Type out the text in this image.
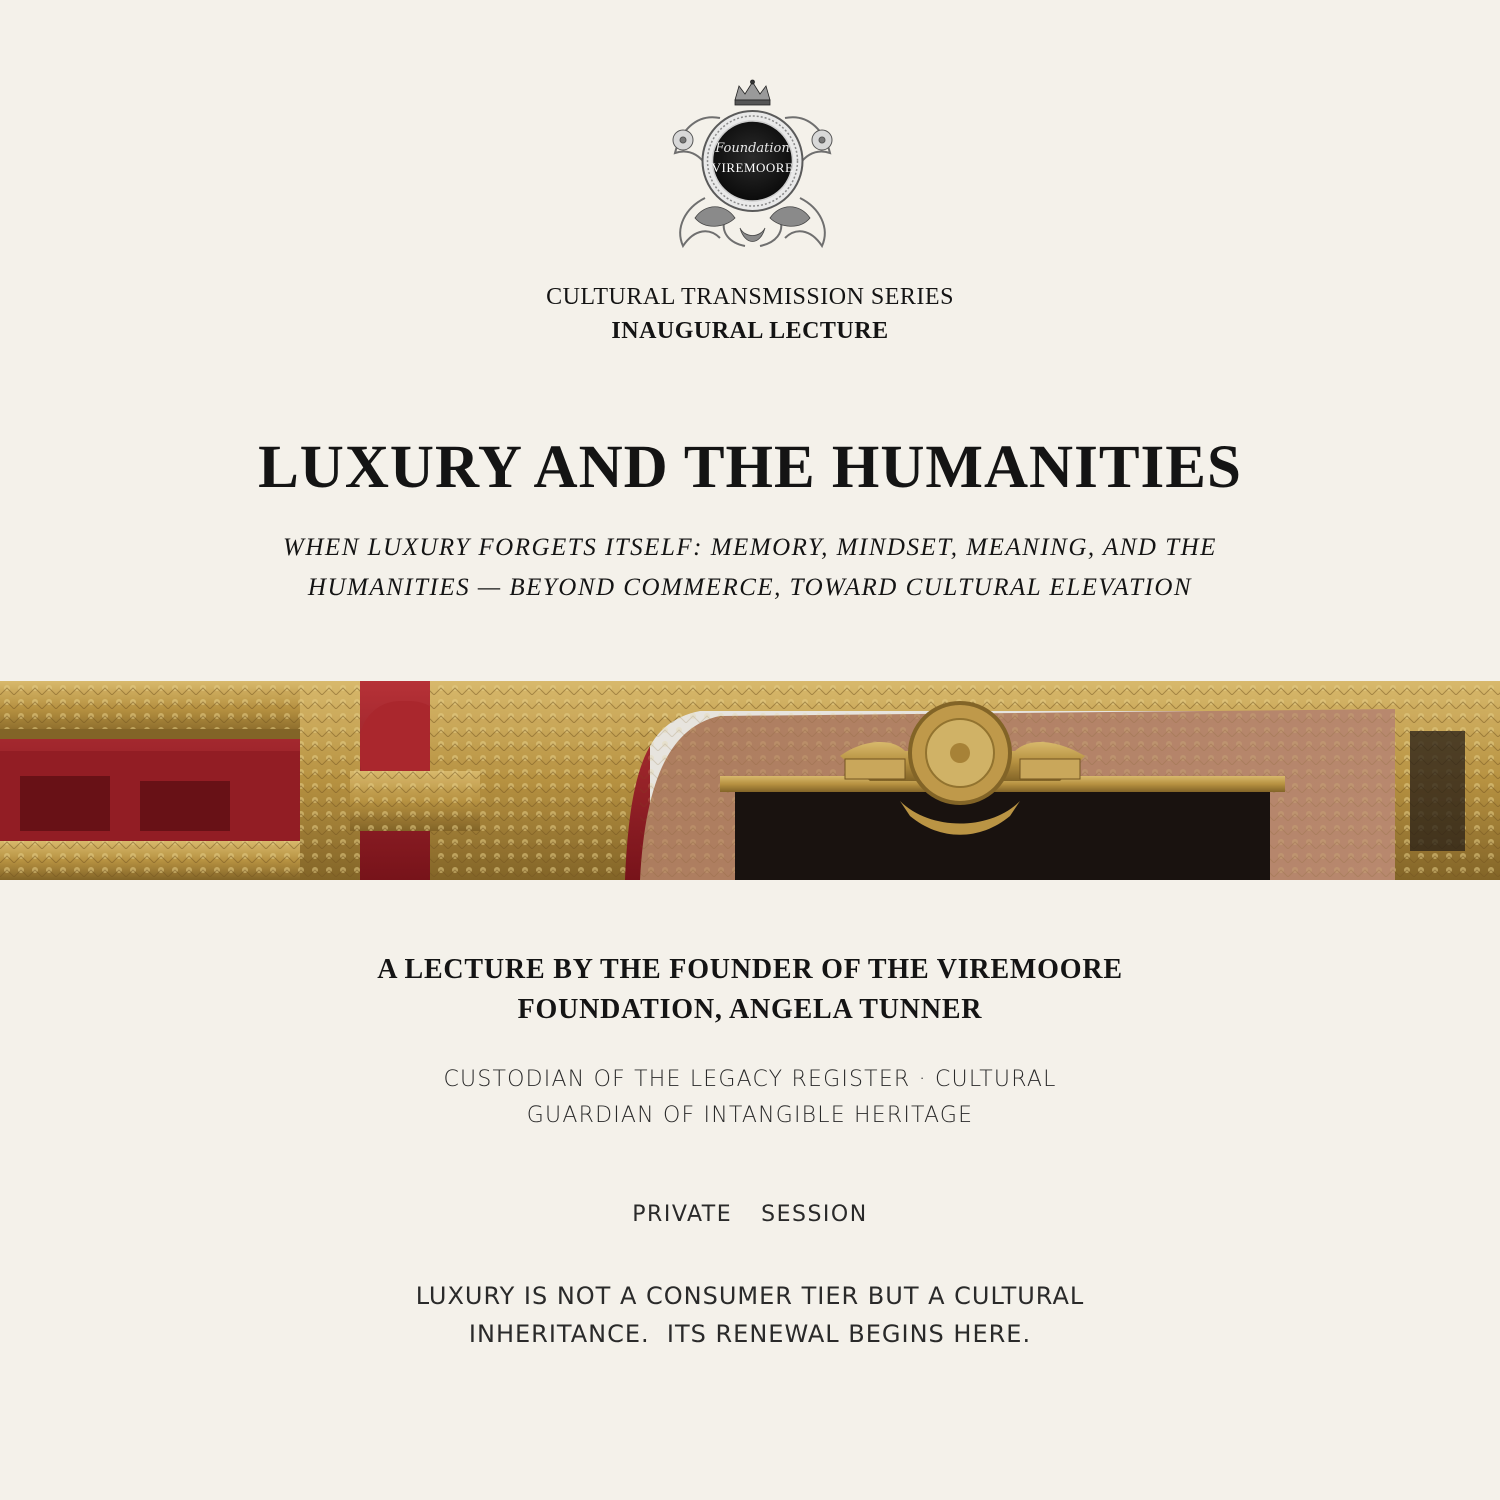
Foundation
VIREMOORE
CULTURAL TRANSMISSION SERIES
INAUGURAL LECTURE
LUXURY AND THE HUMANITIES
WHEN LUXURY FORGETS ITSELF: MEMORY, MINDSET, MEANING, AND THE
HUMANITIES — BEYOND COMMERCE, TOWARD CULTURAL ELEVATION
A LECTURE BY THE FOUNDER OF THE VIREMOORE
FOUNDATION, ANGELA TUNNER
CUSTODIAN OF THE LEGACY REGISTER · CULTURAL
GUARDIAN OF INTANGIBLE HERITAGE
PRIVATE  SESSION
LUXURY IS NOT A CONSUMER TIER BUT A CULTURAL
INHERITANCE.  ITS RENEWAL BEGINS HERE.
